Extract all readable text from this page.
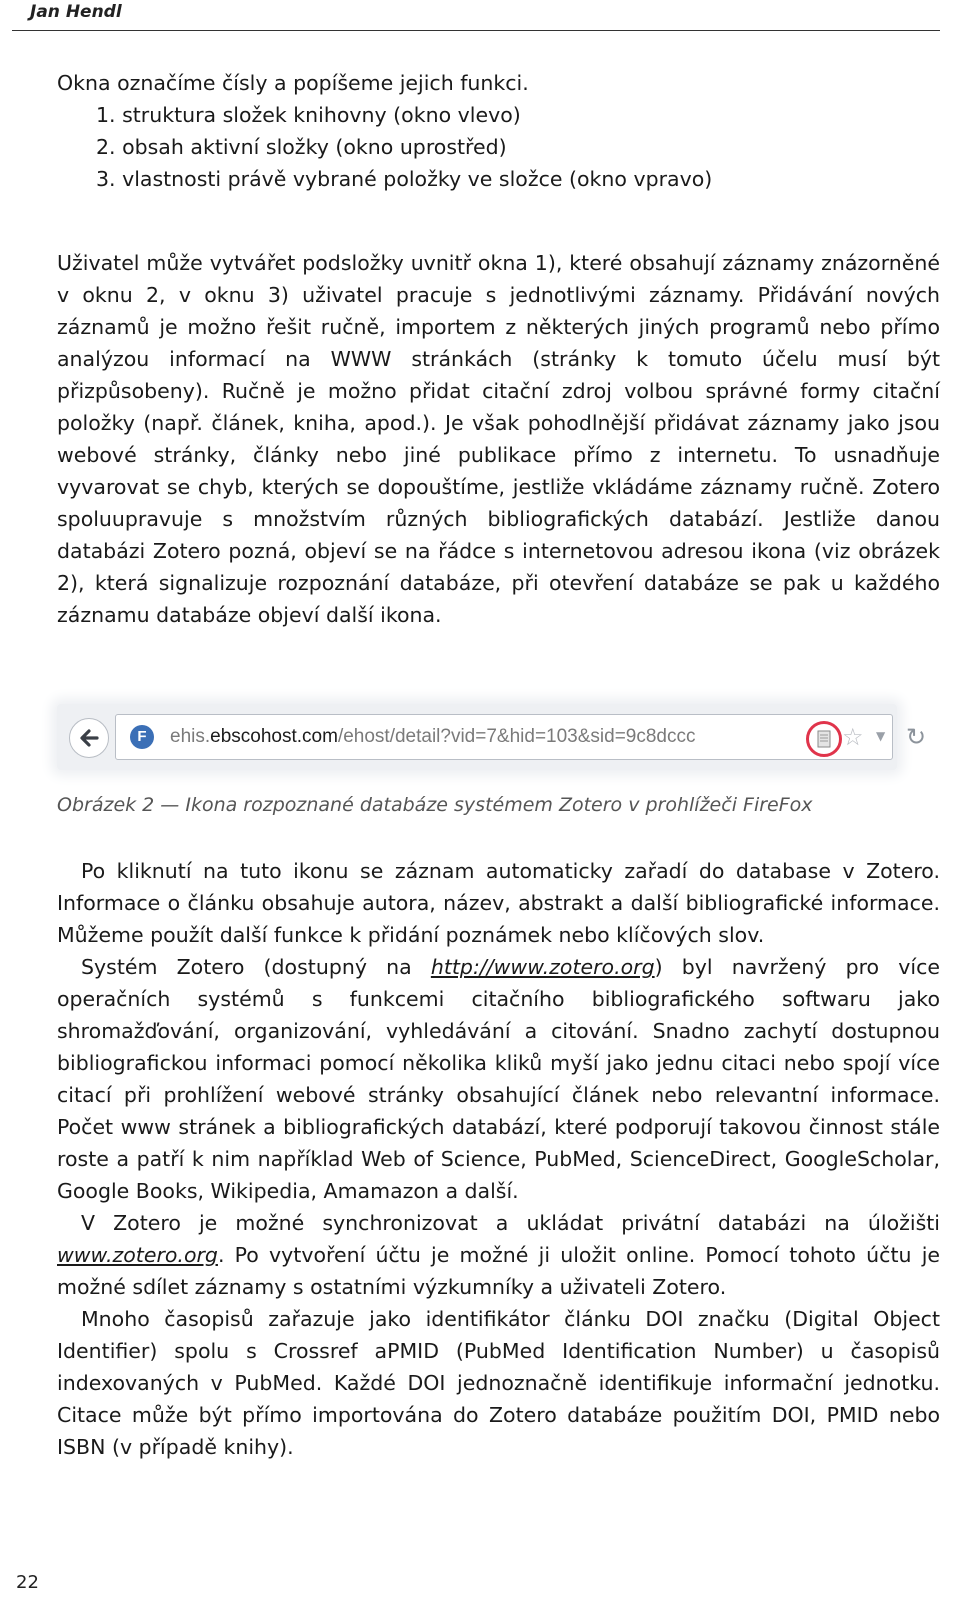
Jan Hendl

Okna označíme čísly a popíšeme jejich funkci.

1. struktura složek knihovny (okno vlevo)
2. obsah aktivní složky (okno uprostřed)
3. vlastnosti právě vybrané položky ve složce (okno vpravo)

Uživatel může vytvářet podsložky uvnitř okna 1), které obsahují záznamy znázorněné v oknu 2, v oknu 3) uživatel pracuje s jednotlivými záznamy. Přidávání nových záznamů je možno řešit ručně, importem z některých jiných programů nebo přímo analýzou informací na WWW stránkách (stránky k tomuto účelu musí být přizpůsobeny). Ručně je možno přidat citační zdroj volbou správné formy citační položky (např. článek, kniha, apod.). Je však pohodlnější přidávat záznamy jako jsou webové stránky, články nebo jiné publikace přímo z internetu. To usnadňuje vyvarovat se chyb, kterých se dopouštíme, jestliže vkládáme záznamy ručně. Zotero spoluupravuje s množstvím různých bibliografických databází. Jestliže danou databázi Zotero pozná, objeví se na řádce s internetovou adresou ikona (viz obrázek 2), která signalizuje rozpoznání databáze, při otevření databáze se pak u každého záznamu databáze objeví další ikona.

F	ehis.ebscohost.com/ehost/detail?vid=7&hid=103&sid=9c8dccc	☆ ▼ ↻
Obrázek 2 — Ikona rozpoznané databáze systémem Zotero v prohlížeči FireFox

Po kliknutí na tuto ikonu se záznam automaticky zařadí do database v Zotero. Informace o článku obsahuje autora, název, abstrakt a další bibliografické informace. Můžeme použít další funkce k přidání poznámek nebo klíčových slov.

Systém Zotero (dostupný na http://www.zotero.org) byl navržený pro více operačních systémů s funkcemi citačního bibliografického softwaru jako shromažďování, organizování, vyhledávání a citování. Snadno zachytí dostupnou bibliografickou informaci pomocí několika kliků myší jako jednu citaci nebo spojí více citací při prohlížení webové stránky obsahující článek nebo relevantní informace. Počet www stránek a bibliografických databází, které podporují takovou činnost stále roste a patří k nim například Web of Science, PubMed, ScienceDirect, GoogleScholar, Google Books, Wikipedia, Amamazon a další.

V Zotero je možné synchronizovat a ukládat privátní databázi na úložišti www.zotero.org. Po vytvoření účtu je možné ji uložit online. Pomocí tohoto účtu je možné sdílet záznamy s ostatními výzkumníky a uživateli Zotero.

Mnoho časopisů zařazuje jako identifikátor článku DOI značku (Digital Object Identifier) spolu s Crossref aPMID (PubMed Identification Number) u časopisů indexovaných v PubMed. Každé DOI jednoznačně identifikuje informační jednotku. Citace může být přímo importována do Zotero databáze použitím DOI, PMID nebo ISBN (v případě knihy).

22
